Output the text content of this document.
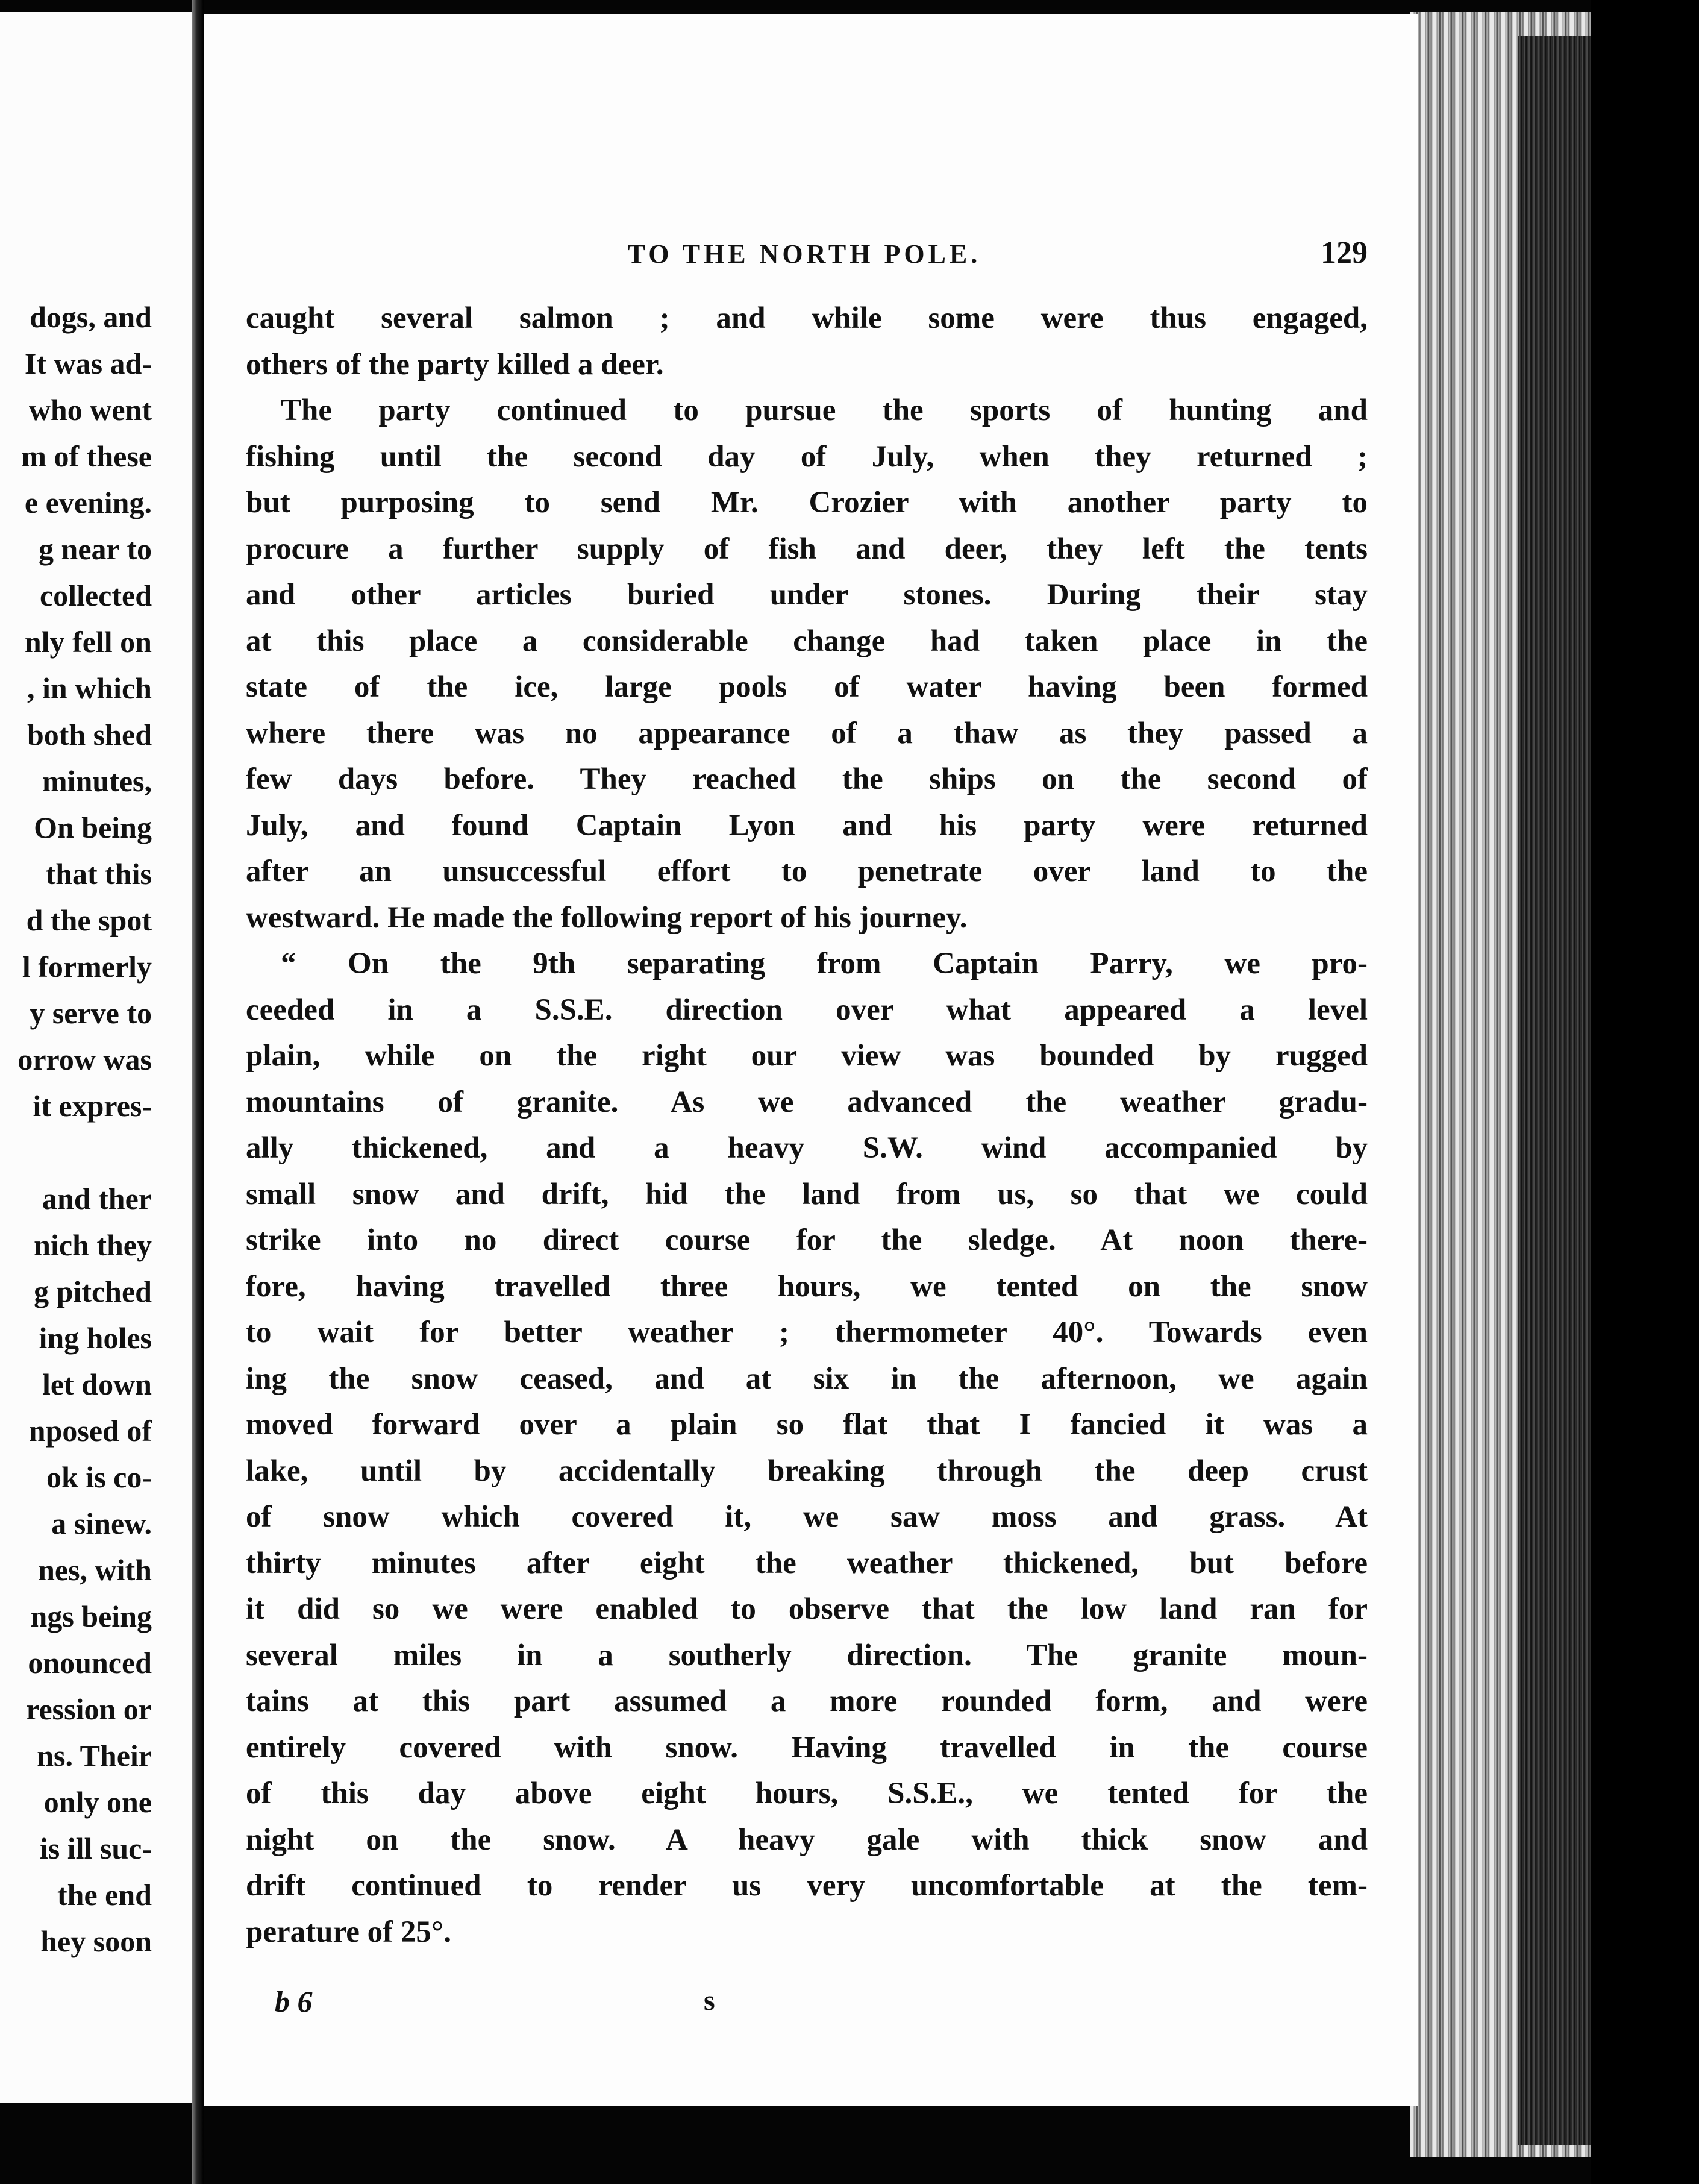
dogs, and
It was ad-
who went
m of these
e evening.
g near to
collected
nly fell on
, in which
both shed
minutes,
On being
that this
d the spot
l formerly
y serve to
orrow was
it expres-
and ther
nich they
g pitched
ing holes
let down
nposed of
ok is co-
a sinew.
nes, with
ngs being
onounced
ression or
ns. Their
only one
is ill suc-
the end
hey soon
TO THE NORTH POLE.	129
caught several salmon ; and while some were thus engaged,
others of the party killed a deer.
The party continued to pursue the sports of hunting and
fishing until the second day of July, when they returned ;
but purposing to send Mr. Crozier with another party to
procure a further supply of fish and deer, they left the tents
and other articles buried under stones. During their stay
at this place a considerable change had taken place in the
state of the ice, large pools of water having been formed
where there was no appearance of a thaw as they passed a
few days before. They reached the ships on the second of
July, and found Captain Lyon and his party were returned
after an unsuccessful effort to penetrate over land to the
westward. He made the following report of his journey.
“ On the 9th separating from Captain Parry, we pro-
ceeded in a S.S.E. direction over what appeared a level
plain, while on the right our view was bounded by rugged
mountains of granite. As we advanced the weather gradu-
ally thickened, and a heavy S.W. wind accompanied by
small snow and drift, hid the land from us, so that we could
strike into no direct course for the sledge. At noon there-
fore, having travelled three hours, we tented on the snow
to wait for better weather ; thermometer 40°. Towards even
ing the snow ceased, and at six in the afternoon, we again
moved forward over a plain so flat that I fancied it was a
lake, until by accidentally breaking through the deep crust
of snow which covered it, we saw moss and grass. At
thirty minutes after eight the weather thickened, but before
it did so we were enabled to observe that the low land ran for
several miles in a southerly direction. The granite moun-
tains at this part assumed a more rounded form, and were
entirely covered with snow. Having travelled in the course
of this day above eight hours, S.S.E., we tented for the
night on the snow. A heavy gale with thick snow and
drift continued to render us very uncomfortable at the tem-
perature of 25°.
b 6	s
